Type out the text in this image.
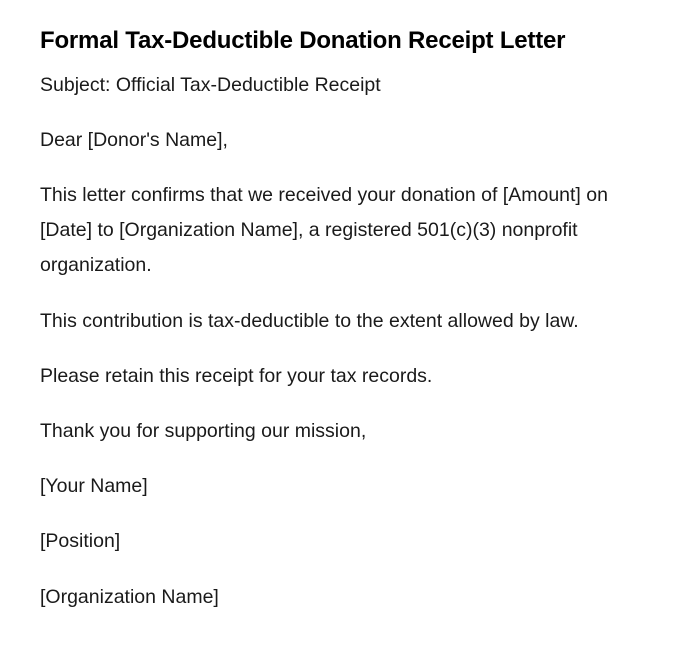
Formal Tax-Deductible Donation Receipt Letter

Subject: Official Tax-Deductible Receipt

Dear [Donor's Name],

This letter confirms that we received your donation of [Amount] on [Date] to [Organization Name], a registered 501(c)(3) nonprofit organization.

This contribution is tax-deductible to the extent allowed by law.

Please retain this receipt for your tax records.

Thank you for supporting our mission,

[Your Name]

[Position]

[Organization Name]
